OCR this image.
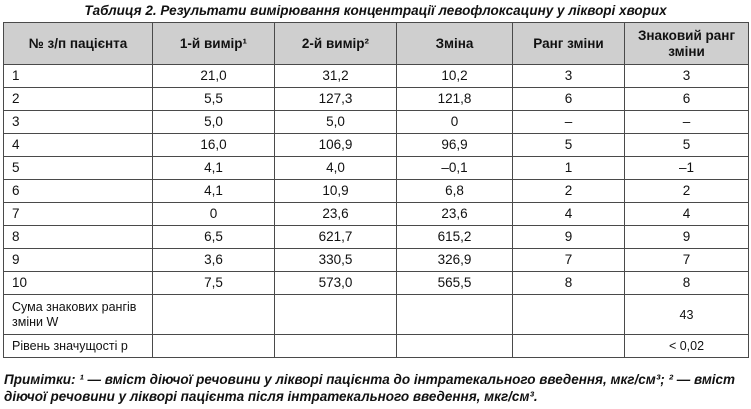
Таблиця 2. Результати вимірювання концентрації левофлоксацину у лікворі хворих
№ з/п пацієнта	1-й вимір¹	2-й вимір²	Зміна	Ранг зміни	Знаковий ранг зміни
1	21,0	31,2	10,2	3	3
2	5,5	127,3	121,8	6	6
3	5,0	5,0	0	–	–
4	16,0	106,9	96,9	5	5
5	4,1	4,0	–0,1	1	–1
6	4,1	10,9	6,8	2	2
7	0	23,6	23,6	4	4
8	6,5	621,7	615,2	9	9
9	3,6	330,5	326,9	7	7
10	7,5	573,0	565,5	8	8
Сума знакових рангів зміни W					43
Рівень значущості р					< 0,02
Примітки: ¹ — вміст діючої речовини у лікворі пацієнта до інтратекального введення, мкг/см³; ² — вміст діючої речовини у лікворі пацієнта після інтратекального введення, мкг/см³.
